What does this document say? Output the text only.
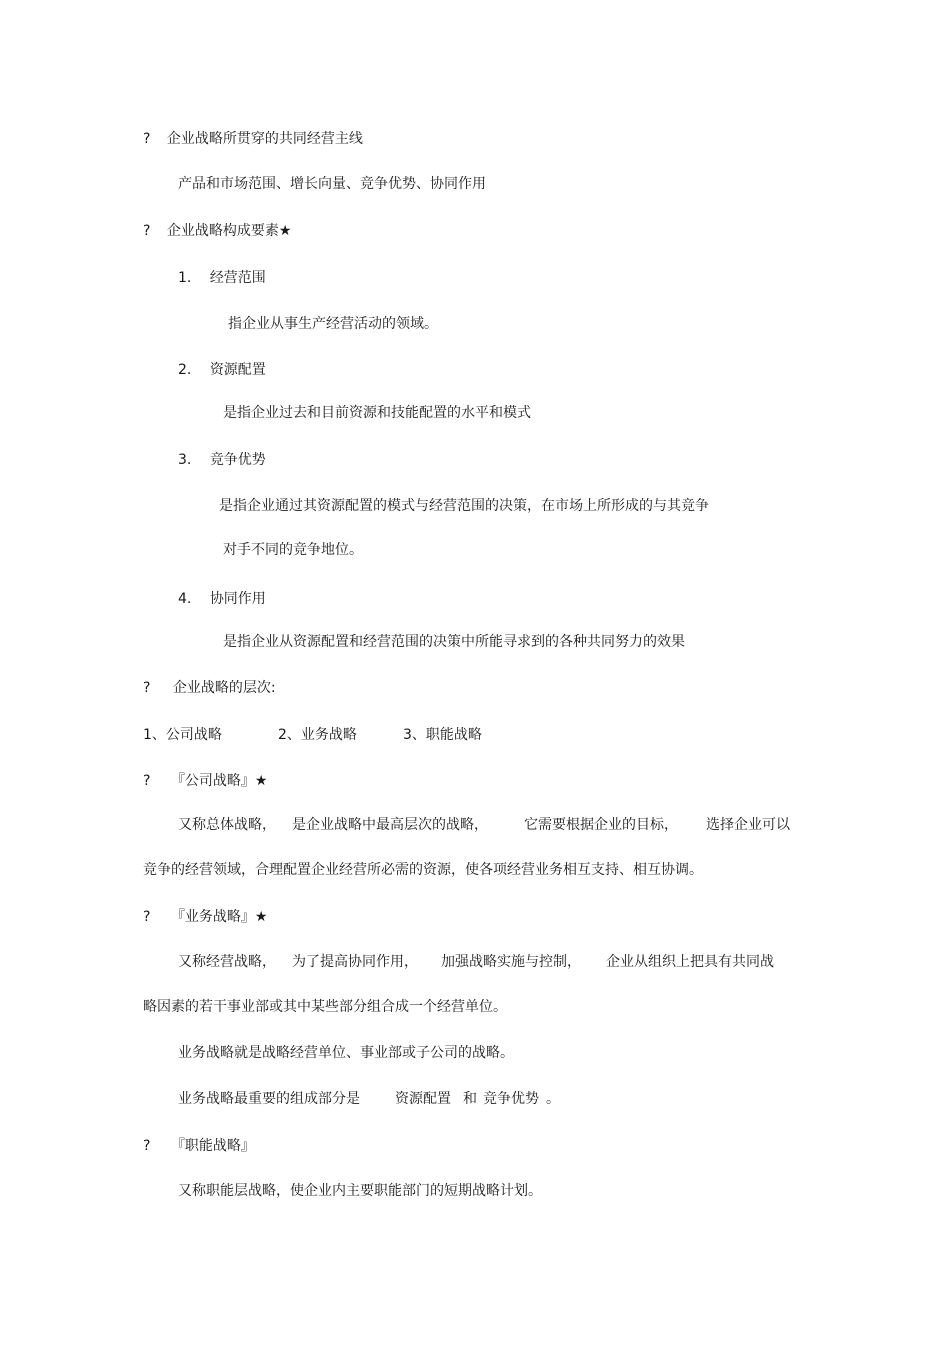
? 企业战略所贯穿的共同经营主线
产品和市场范围、增长向量、竞争优势、协同作用
? 企业战略构成要素★
1. 经营范围
指企业从事生产经营活动的领域。
2. 资源配置
是指企业过去和目前资源和技能配置的水平和模式
3. 竞争优势
是指企业通过其资源配置的模式与经营范围的决策，在市场上所形成的与其竞争
对手不同的竞争地位。
4. 协同作用
是指企业从资源配置和经营范围的决策中所能寻求到的各种共同努力的效果
? 企业战略的层次:
1、公司战略	2、业务战略	3、职能战略
? 『公司战略』★
又称总体战略， 是企业战略中最高层次的战略，	它需要根据企业的目标， 选择企业可以
竞争的经营领域，合理配置企业经营所必需的资源，使各项经营业务相互支持、相互协调。
? 『业务战略』★
又称经营战略， 为了提高协同作用， 加强战略实施与控制， 企业从组织上把具有共同战
略因素的若干事业部或其中某些部分组合成一个经营单位。
业务战略就是战略经营单位、事业部或子公司的战略。
业务战略最重要的组成部分是	资源配置 和 竞争优势 。
? 『职能战略』
又称职能层战略，使企业内主要职能部门的短期战略计划。
